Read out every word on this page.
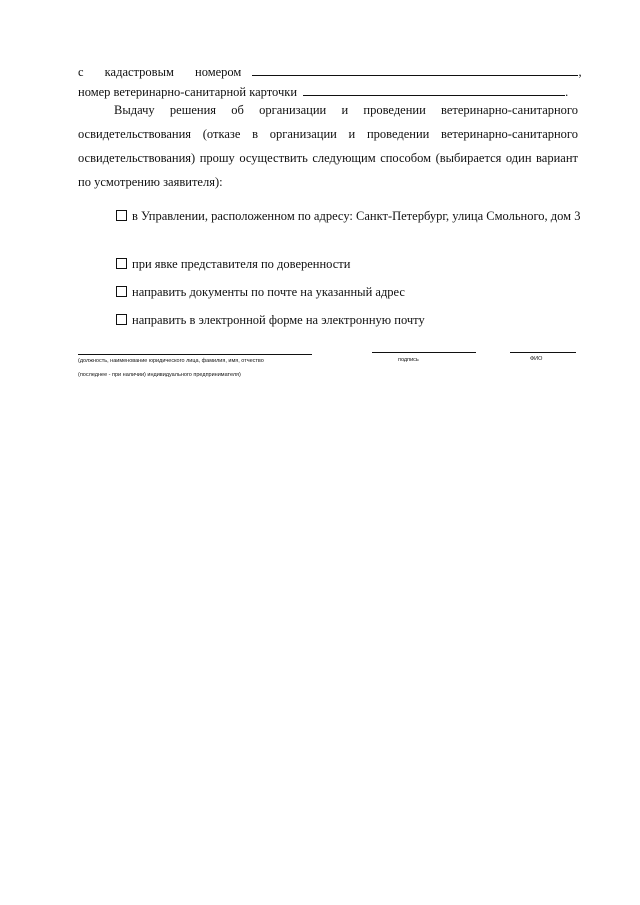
с кадастровым номером	,
номер ветеринарно-санитарной карточки	.
Выдачу решения об организации и проведении ветеринарно-санитарного освидетельствования (отказе в организации и проведении ветеринарно-санитарного освидетельствования) прошу осуществить следующим способом (выбирается один вариант по усмотрению заявителя):
в Управлении, расположенном по адресу: Санкт-Петербург, улица Смольного, дом 3
при явке представителя по доверенности
направить документы по почте на указанный адрес
направить в электронной форме на электронную почту
(должность, наименование юридического лица, фамилия, имя, отчество
(последнее - при наличии) индивидуального предпринимателя)
подпись	ФИО
